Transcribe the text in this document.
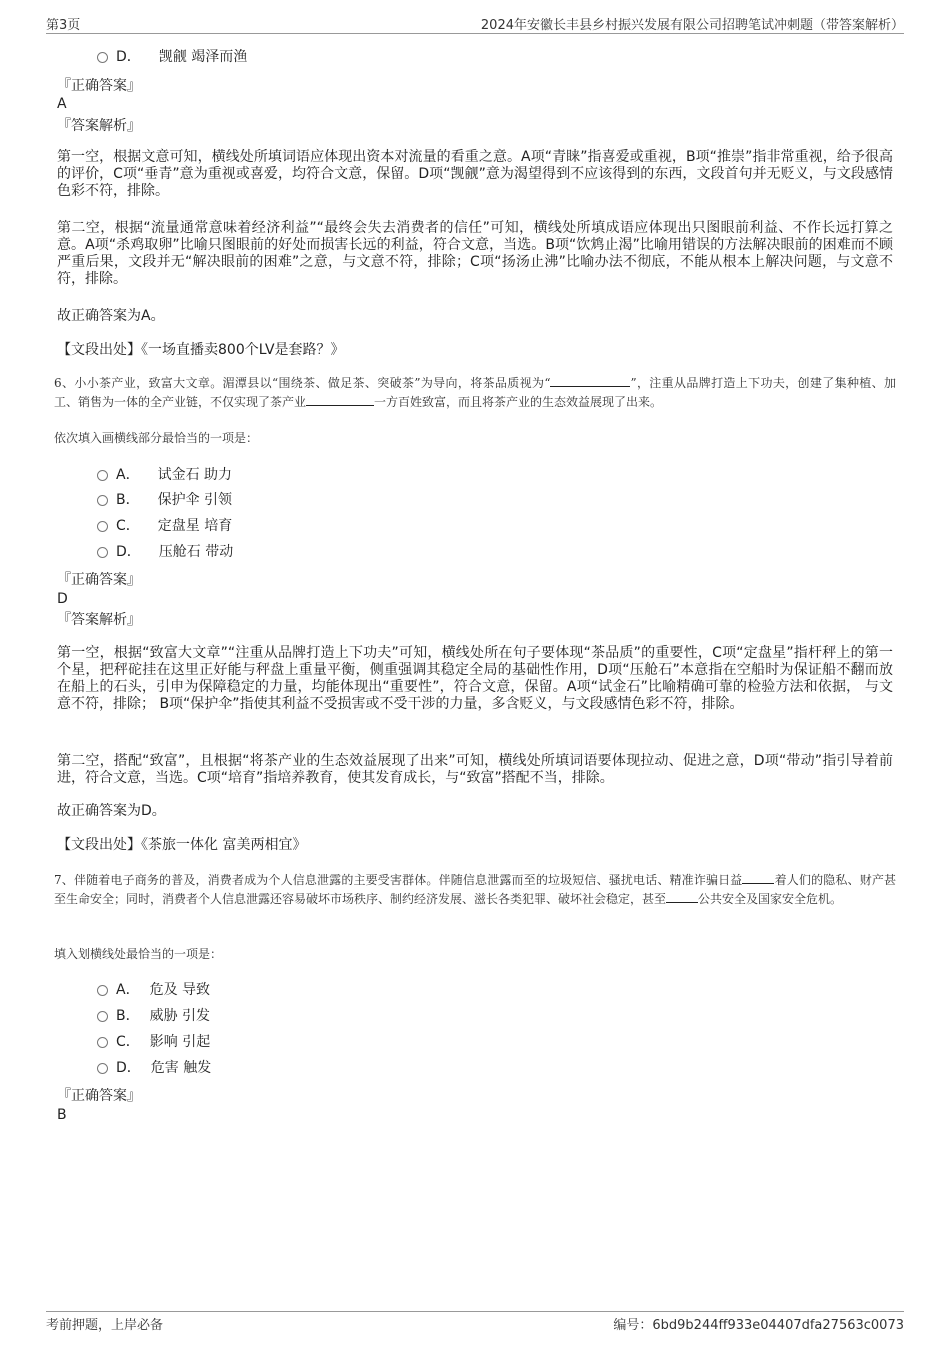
第3页	2024年安徽长丰县乡村振兴发展有限公司招聘笔试冲刺题（带答案解析）
D． 觊觎 竭泽而渔
『正确答案』
A
『答案解析』
第一空，根据文意可知，横线处所填词语应体现出资本对流量的看重之意。A项“青睐”指喜爱或重视，B项“推崇”指非常重视，给予很高的评价，C项“垂青”意为重视或喜爱，均符合文意，保留。D项“觊觎”意为渴望得到不应该得到的东西，文段首句并无贬义，与文段感情色彩不符，排除。
第二空，根据“流量通常意味着经济利益”“最终会失去消费者的信任”可知，横线处所填成语应体现出只图眼前利益、不作长远打算之意。A项“杀鸡取卵”比喻只图眼前的好处而损害长远的利益，符合文意，当选。B项“饮鸩止渴”比喻用错误的方法解决眼前的困难而不顾严重后果，文段并无“解决眼前的困难”之意，与文意不符，排除；C项“扬汤止沸”比喻办法不彻底，不能从根本上解决问题，与文意不符，排除。
故正确答案为A。
【文段出处】《一场直播卖800个LV是套路？》
6、小小茶产业，致富大文章。湄潭县以“围绕茶、做足茶、突破茶”为导向，将茶品质视为“	”，注重从品牌打造上下功夫，创建了集种植、加工、销售为一体的全产业链，不仅实现了茶产业	一方百姓致富，而且将茶产业的生态效益展现了出来。
依次填入画横线部分最恰当的一项是：
A． 试金石 助力
B． 保护伞 引领
C． 定盘星 培育
D． 压舱石 带动
『正确答案』
D
『答案解析』
第一空，根据“致富大文章”“注重从品牌打造上下功夫”可知，横线处所在句子要体现“茶品质”的重要性，C项“定盘星”指杆秤上的第一个星，把秤砣挂在这里正好能与秤盘上重量平衡，侧重强调其稳定全局的基础性作用，D项“压舱石”本意指在空船时为保证船不翻而放在船上的石头，引申为保障稳定的力量，均能体现出“重要性”，符合文意，保留。A项“试金石”比喻精确可靠的检验方法和依据， 与文意不符，排除； B项“保护伞”指使其利益不受损害或不受干涉的力量，多含贬义，与文段感情色彩不符，排除。
第二空，搭配“致富”，且根据“将茶产业的生态效益展现了出来”可知，横线处所填词语要体现拉动、促进之意，D项“带动”指引导着前进，符合文意，当选。C项“培育”指培养教育，使其发育成长，与“致富”搭配不当，排除。
故正确答案为D。
【文段出处】《茶旅一体化 富美两相宜》
7、伴随着电子商务的普及，消费者成为个人信息泄露的主要受害群体。伴随信息泄露而至的垃圾短信、骚扰电话、精准诈骗日益	着人们的隐私、财产甚至生命安全；同时，消费者个人信息泄露还容易破坏市场秩序、制约经济发展、滋长各类犯罪、破坏社会稳定，甚至	公共安全及国家安全危机。
填入划横线处最恰当的一项是：
A． 危及 导致
B． 威胁 引发
C． 影响 引起
D． 危害 触发
『正确答案』
B
考前押题，上岸必备	编号：6bd9b244ff933e04407dfa27563c0073
